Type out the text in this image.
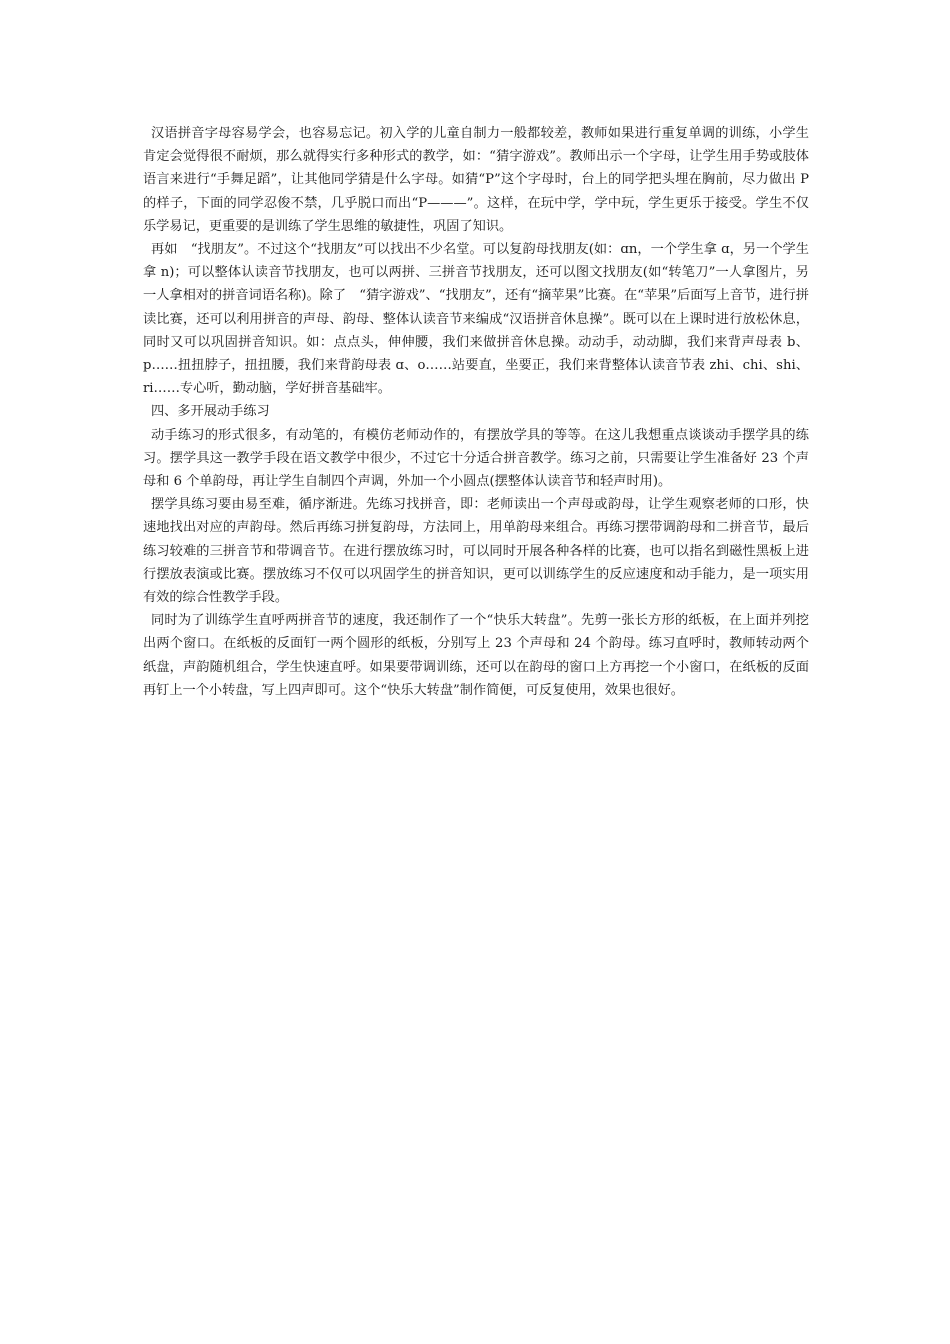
汉语拼音字母容易学会，也容易忘记。初入学的儿童自制力一般都较差，教师如果进行重复单调的训练，小学生肯定会觉得很不耐烦，那么就得实行多种形式的教学，如：“猜字游戏”。教师出示一个字母，让学生用手势或肢体语言来进行“手舞足蹈”，让其他同学猜是什么字母。如猜“P”这个字母时，台上的同学把头埋在胸前，尽力做出 P 的样子，下面的同学忍俊不禁，几乎脱口而出“P———”。这样，在玩中学，学中玩，学生更乐于接受。学生不仅乐学易记，更重要的是训练了学生思维的敏捷性，巩固了知识。

再如　“找朋友”。不过这个“找朋友”可以找出不少名堂。可以复韵母找朋友(如：ɑn，一个学生拿 ɑ，另一个学生拿 n)；可以整体认读音节找朋友，也可以两拼、三拼音节找朋友，还可以图文找朋友(如“转笔刀”一人拿图片，另一人拿相对的拼音词语名称)。除了　“猜字游戏”、“找朋友”，还有“摘苹果”比赛。在“苹果”后面写上音节，进行拼读比赛，还可以利用拼音的声母、韵母、整体认读音节来编成“汉语拼音休息操”。既可以在上课时进行放松休息，同时又可以巩固拼音知识。如：点点头，伸伸腰，我们来做拼音休息操。动动手，动动脚，我们来背声母表 b、p……扭扭脖子，扭扭腰，我们来背韵母表 ɑ、o……站要直，坐要正，我们来背整体认读音节表 zhi、chi、shi、ri……专心听，勤动脑，学好拼音基础牢。

四、多开展动手练习

动手练习的形式很多，有动笔的，有模仿老师动作的，有摆放学具的等等。在这儿我想重点谈谈动手摆学具的练习。摆学具这一教学手段在语文教学中很少，不过它十分适合拼音教学。练习之前，只需要让学生准备好 23 个声母和 6 个单韵母，再让学生自制四个声调，外加一个小圆点(摆整体认读音节和轻声时用)。

摆学具练习要由易至难，循序渐进。先练习找拼音，即：老师读出一个声母或韵母，让学生观察老师的口形，快速地找出对应的声韵母。然后再练习拼复韵母，方法同上，用单韵母来组合。再练习摆带调韵母和二拼音节，最后练习较难的三拼音节和带调音节。在进行摆放练习时，可以同时开展各种各样的比赛，也可以指名到磁性黑板上进行摆放表演或比赛。摆放练习不仅可以巩固学生的拼音知识，更可以训练学生的反应速度和动手能力，是一项实用有效的综合性教学手段。

同时为了训练学生直呼两拼音节的速度，我还制作了一个“快乐大转盘”。先剪一张长方形的纸板，在上面并列挖出两个窗口。在纸板的反面钉一两个圆形的纸板，分别写上 23 个声母和 24 个韵母。练习直呼时，教师转动两个纸盘，声韵随机组合，学生快速直呼。如果要带调训练，还可以在韵母的窗口上方再挖一个小窗口，在纸板的反面再钉上一个小转盘，写上四声即可。这个“快乐大转盘”制作简便，可反复使用，效果也很好。
